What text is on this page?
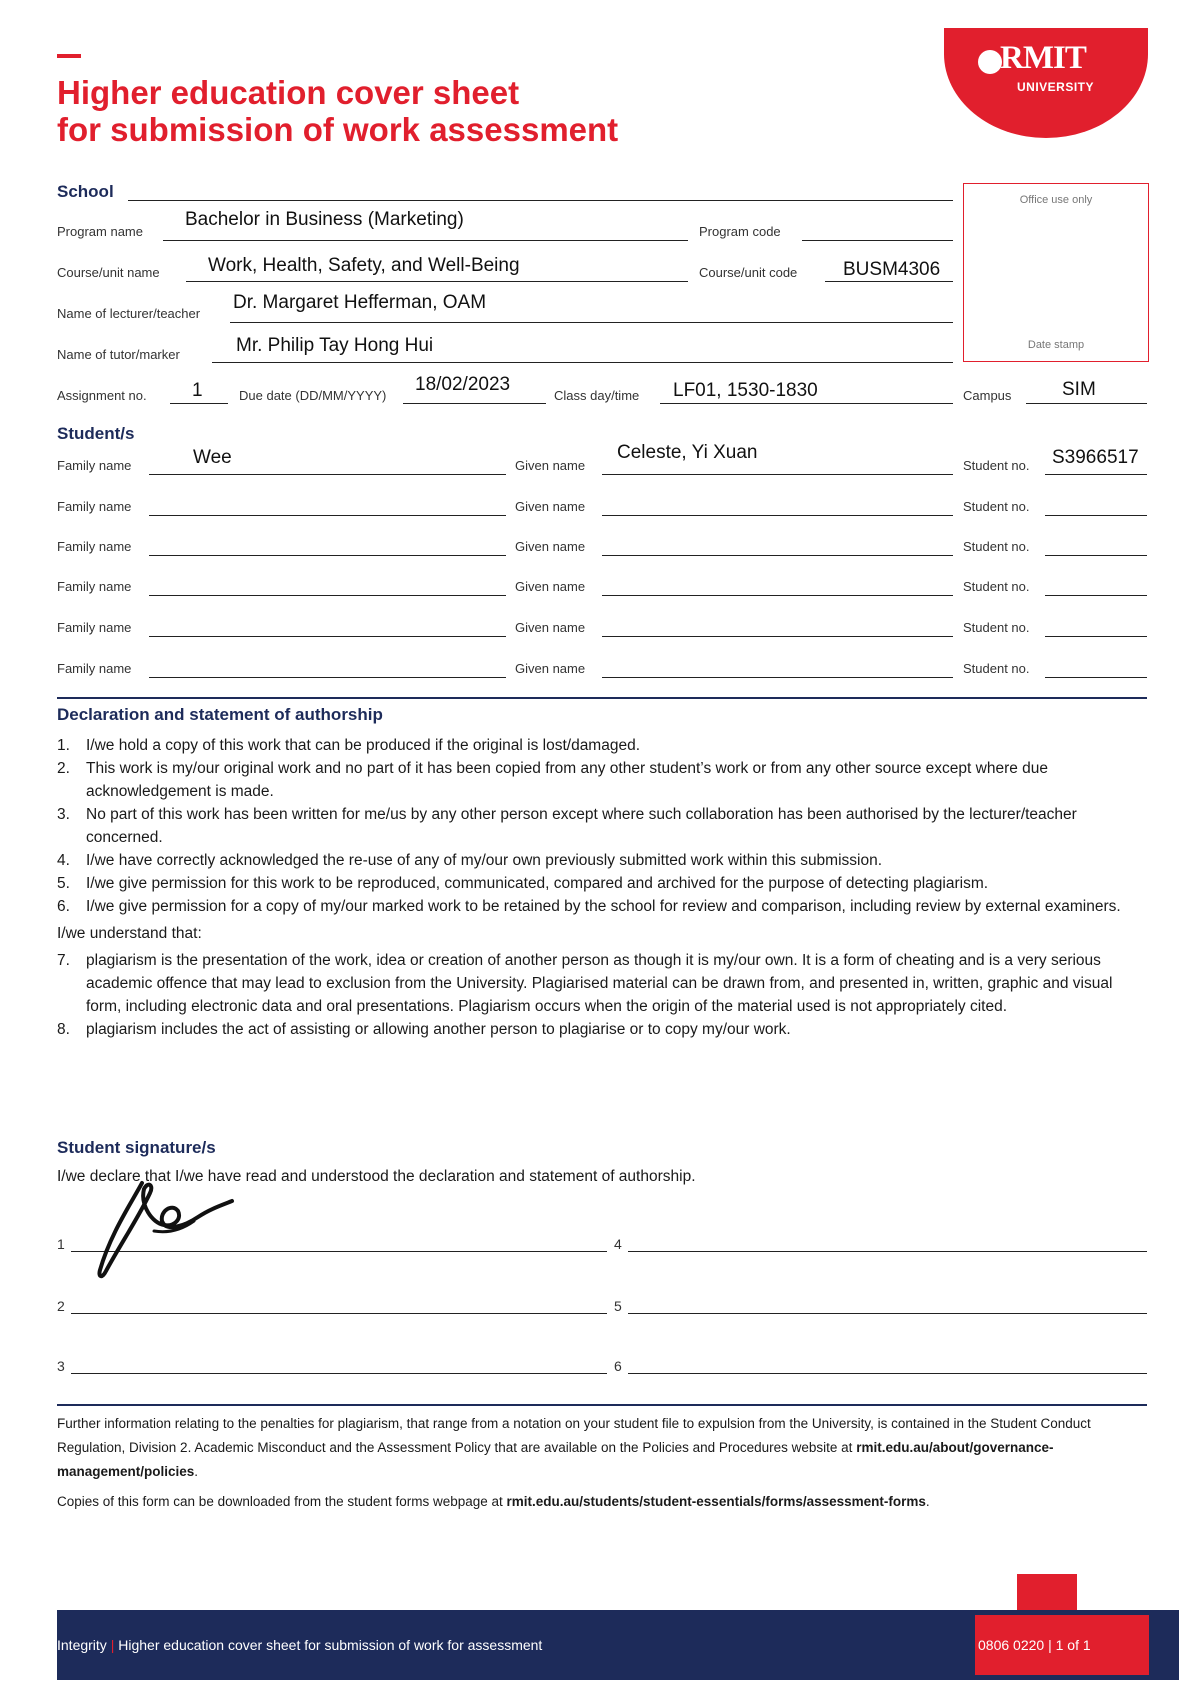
Higher education cover sheet
for submission of work assessment
RMIT
UNIVERSITY
Office use only
Date stamp
School
Program name
Bachelor in Business (Marketing)
Program code
Course/unit name	Work, Health, Safety, and Well-Being	Course/unit code BUSM4306
Name of lecturer/teacher
Dr. Margaret Hefferman, OAM
Name of tutor/marker	Mr. Philip Tay Hong Hui
Assignment no. 1	Due date (DD/MM/YYYY)
18/02/2023
Class day/time LF01, 1530-1830	Campus	SIM
Student/s
Family name	Given name	Student no.
Wee	Celeste, Yi Xuan	S3966517
Family name	Given name	Student no.
Family name	Given name	Student no.
Family name	Given name	Student no.
Family name	Given name	Student no.
Family name	Given name	Student no.
Declaration and statement of authorship
1. I/we hold a copy of this work that can be produced if the original is lost/damaged.
2. This work is my/our original work and no part of it has been copied from any other student’s work or from any other source except where due acknowledgement is made.
3. No part of this work has been written for me/us by any other person except where such collaboration has been authorised by the lecturer/teacher concerned.
4. I/we have correctly acknowledged the re-use of any of my/our own previously submitted work within this submission.
5. I/we give permission for this work to be reproduced, communicated, compared and archived for the purpose of detecting plagiarism.
6. I/we give permission for a copy of my/our marked work to be retained by the school for review and comparison, including review by external examiners.

I/we understand that:

7. plagiarism is the presentation of the work, idea or creation of another person as though it is my/our own. It is a form of cheating and is a very serious academic offence that may lead to exclusion from the University. Plagiarised material can be drawn from, and presented in, written, graphic and visual form, including electronic data and oral presentations. Plagiarism occurs when the origin of the material used is not appropriately cited.
8. plagiarism includes the act of assisting or allowing another person to plagiarise or to copy my/our work.
Student signature/s
I/we declare that I/we have read and understood the declaration and statement of authorship.
1
2
3
4
5
6
Further information relating to the penalties for plagiarism, that range from a notation on your student file to expulsion from the University, is contained in the Student Conduct Regulation, Division 2. Academic Misconduct and the Assessment Policy that are available on the Policies and Procedures website at rmit.edu.au/about/governance-management/policies.
Copies of this form can be downloaded from the student forms webpage at rmit.edu.au/students/student-essentials/forms/assessment-forms.
Integrity | Higher education cover sheet for submission of work for assessment	0806 0220 | 1 of 1
